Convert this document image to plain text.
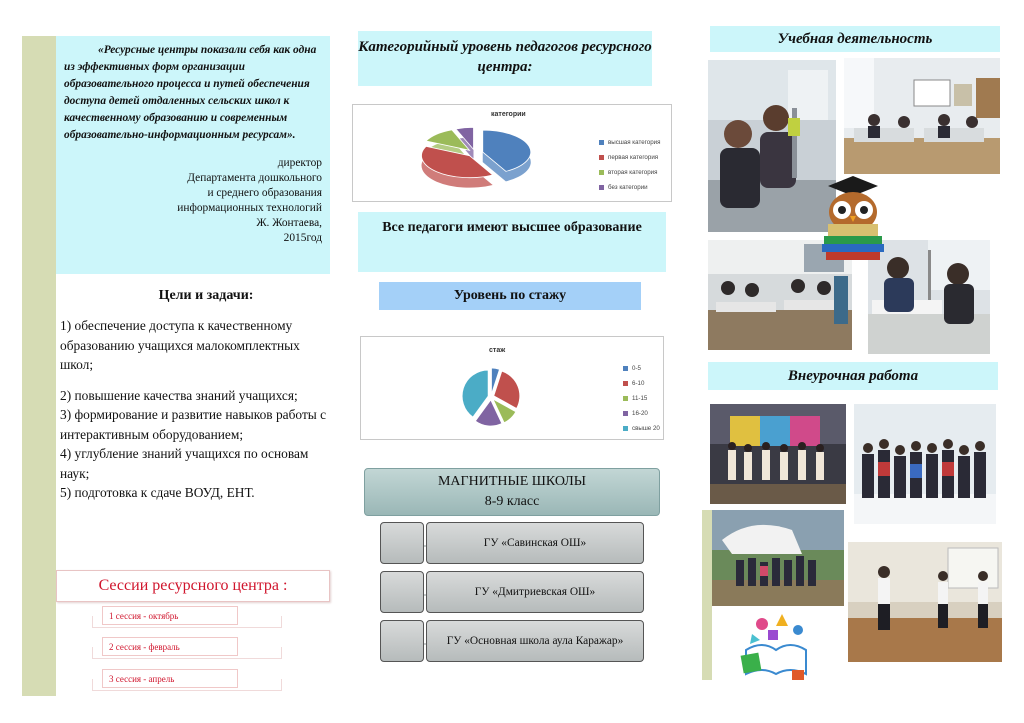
«Ресурсные центры показали себя как одна из эффективных форм организации образовательного процесса и путей обеспечения доступа детей отдаленных сельских школ к качественному образованию и современным образовательно-информационным ресурсам».

директор
Департамента дошкольного
и среднего образования
информационных технологий
Ж. Жонтаева,
2015год
Цели и задачи:

1) обеспечение доступа к качественному образованию учащихся малокомплектных школ;

2) повышение качества знаний учащихся;

3) формирование и развитие навыков работы с интерактивным оборудованием;

4) углубление знаний учащихся по основам наук;

5) подготовка к сдаче ВОУД, ЕНТ.

Сессии ресурсного центра :
1 сессия - октябрь
2 сессия - февраль
3 сессия - апрель
Категорийный уровень педагогов ресурсного центра:
категории
высшая категория
первая категория
вторая категория
без категории
Все педагоги имеют высшее образование
Уровень по стажу
стаж
0-5
6-10
11-15
16-20
свыше 20
МАГНИТНЫЕ ШКОЛЫ
8-9 класс
ГУ «Савинская ОШ»
ГУ «Дмитриевская ОШ»
ГУ «Основная школа аула Каражар»
Учебная деятельность
Внеурочная работа
